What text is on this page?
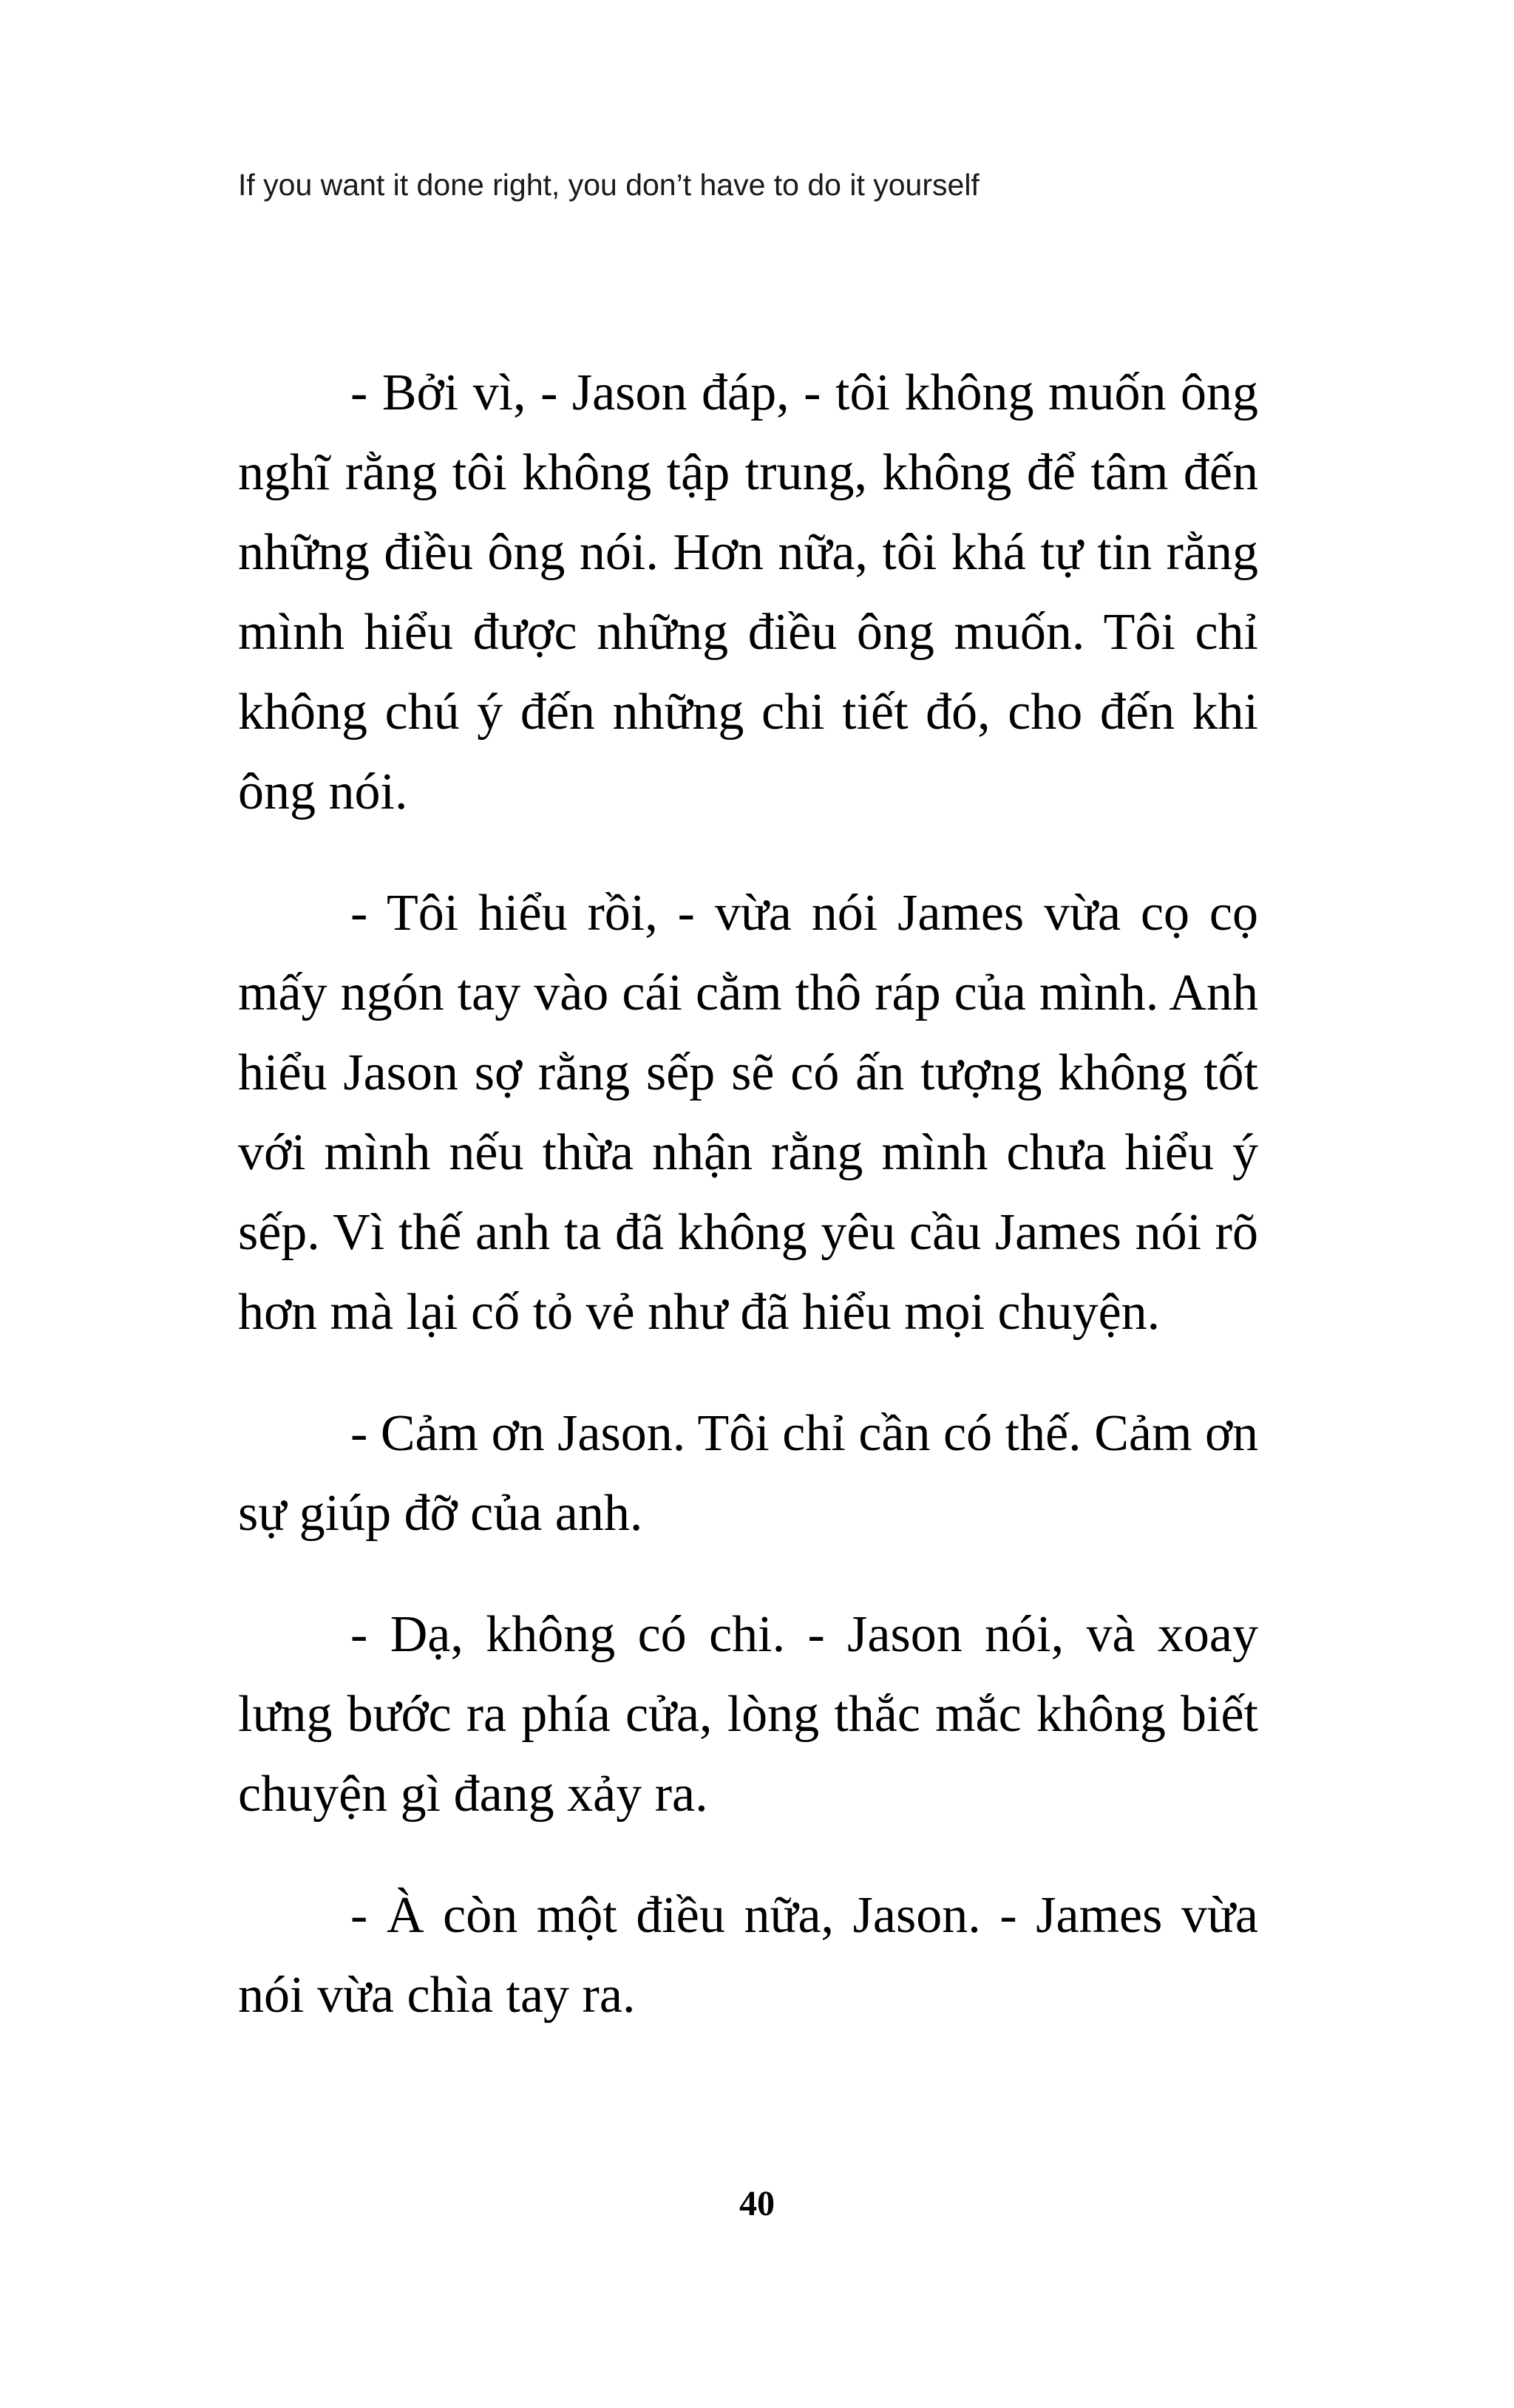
If you want it done right, you don’t have to do it yourself

- Bởi vì, - Jason đáp, - tôi không muốn ông nghĩ rằng tôi không tập trung, không để tâm đến những điều ông nói. Hơn nữa, tôi khá tự tin rằng mình hiểu được những điều ông muốn. Tôi chỉ không chú ý đến những chi tiết đó, cho đến khi ông nói.

- Tôi hiểu rồi, - vừa nói James vừa cọ cọ mấy ngón tay vào cái cằm thô ráp của mình. Anh hiểu Jason sợ rằng sếp sẽ có ấn tượng không tốt với mình nếu thừa nhận rằng mình chưa hiểu ý sếp. Vì thế anh ta đã không yêu cầu James nói rõ hơn mà lại cố tỏ vẻ như đã hiểu mọi chuyện.

- Cảm ơn Jason. Tôi chỉ cần có thế. Cảm ơn sự giúp đỡ của anh.

- Dạ, không có chi. - Jason nói, và xoay lưng bước ra phía cửa, lòng thắc mắc không biết chuyện gì đang xảy ra.

- À còn một điều nữa, Jason. - James vừa nói vừa chìa tay ra.

40
